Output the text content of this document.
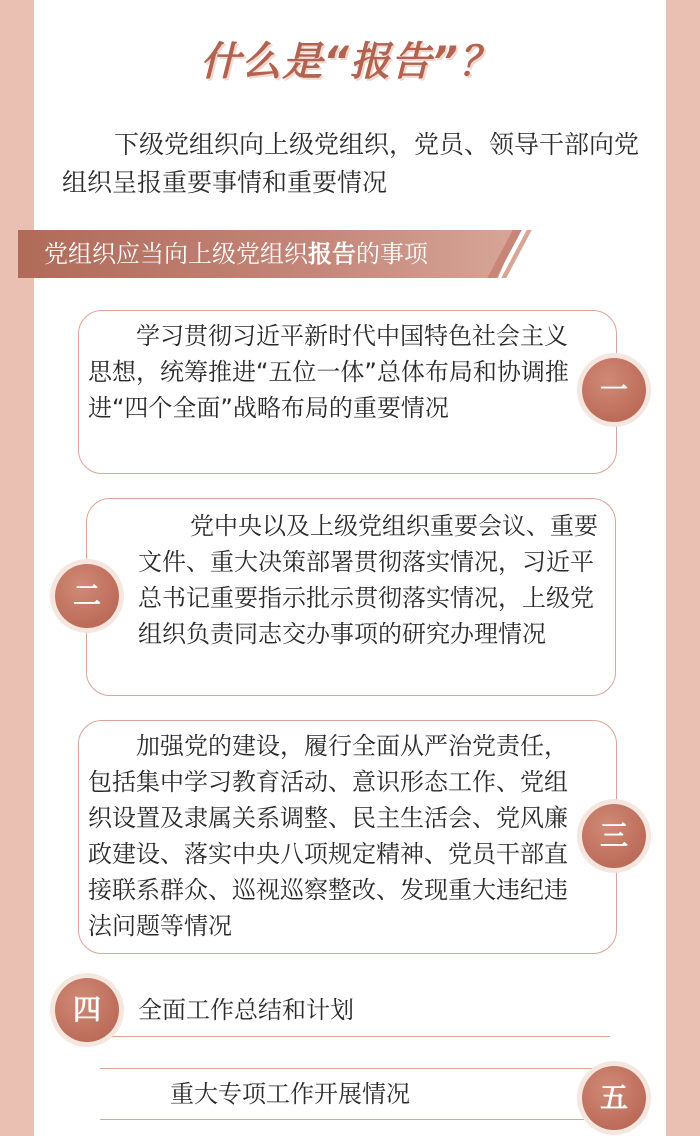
什么是“报告”？
下级党组织向上级党组织，党员、领导干部向党组织呈报重要事情和重要情况
党组织应当向上级党组织报告的事项
学习贯彻习近平新时代中国特色社会主义思想，统筹推进“五位一体”总体布局和协调推进“四个全面”战略布局的重要情况
一
党中央以及上级党组织重要会议、重要文件、重大决策部署贯彻落实情况，习近平总书记重要指示批示贯彻落实情况，上级党组织负责同志交办事项的研究办理情况
二
加强党的建设，履行全面从严治党责任，包括集中学习教育活动、意识形态工作、党组织设置及隶属关系调整、民主生活会、党风廉政建设、落实中央八项规定精神、党员干部直接联系群众、巡视巡察整改、发现重大违纪违法问题等情况
三
全面工作总结和计划
四
重大专项工作开展情况	五
